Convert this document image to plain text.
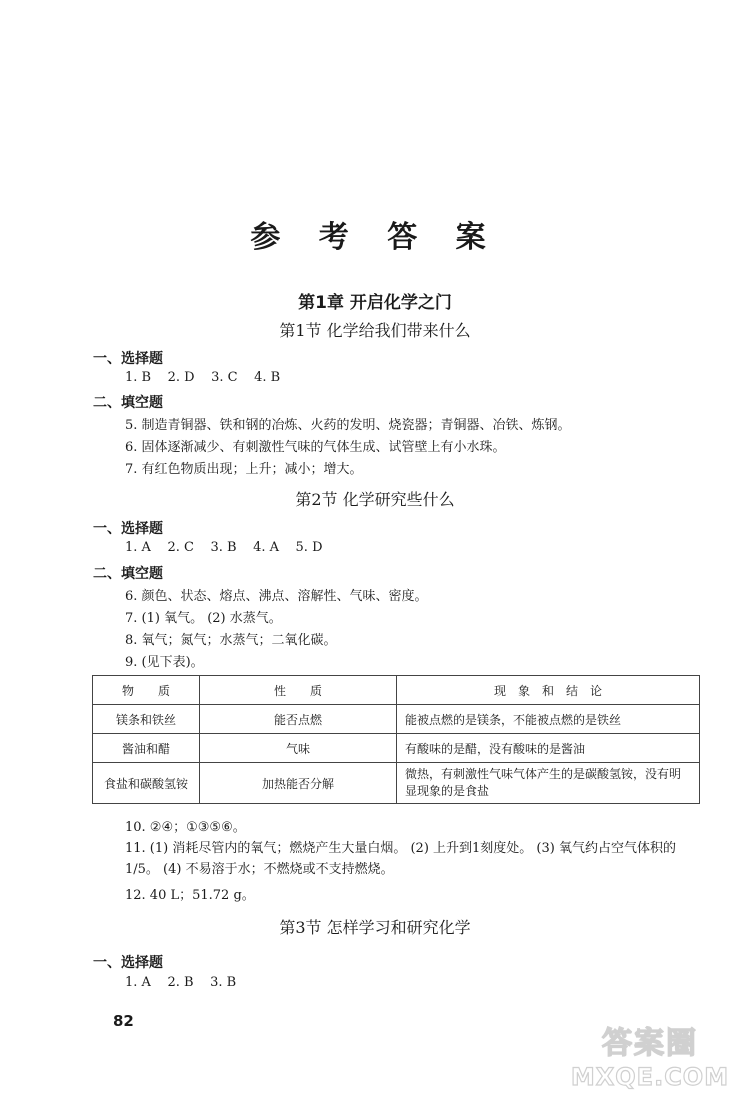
参 考 答 案
第1章 开启化学之门
第1节 化学给我们带来什么
一、选择题
1. B    2. D    3. C    4. B
二、填空题
5. 制造青铜器、铁和钢的冶炼、火药的发明、烧瓷器；青铜器、冶铁、炼钢。
6. 固体逐渐减少、有刺激性气味的气体生成、试管壁上有小水珠。
7. 有红色物质出现；上升；减小；增大。
第2节 化学研究些什么
一、选择题
1. A    2. C    3. B    4. A    5. D
二、填空题
6. 颜色、状态、熔点、沸点、溶解性、气味、密度。
7. (1) 氧气。 (2) 水蒸气。
8. 氧气；氮气；水蒸气；二氧化碳。
9. (见下表)。
物　　质	性　　质	现　象　和　结　论
镁条和铁丝	能否点燃	能被点燃的是镁条，不能被点燃的是铁丝
酱油和醋	气味	有酸味的是醋，没有酸味的是酱油
食盐和碳酸氢铵	加热能否分解	微热，有刺激性气味气体产生的是碳酸氢铵，没有明显现象的是食盐
10. ②④；①③⑤⑥。
11. (1) 消耗尽管内的氧气；燃烧产生大量白烟。 (2) 上升到1刻度处。 (3) 氧气约占空气体积的1/5。 (4) 不易溶于水；不燃烧或不支持燃烧。
12. 40 L；51.72 g。
第3节 怎样学习和研究化学
一、选择题
1. A    2. B    3. B
82
答案圈
MXQE.COM
